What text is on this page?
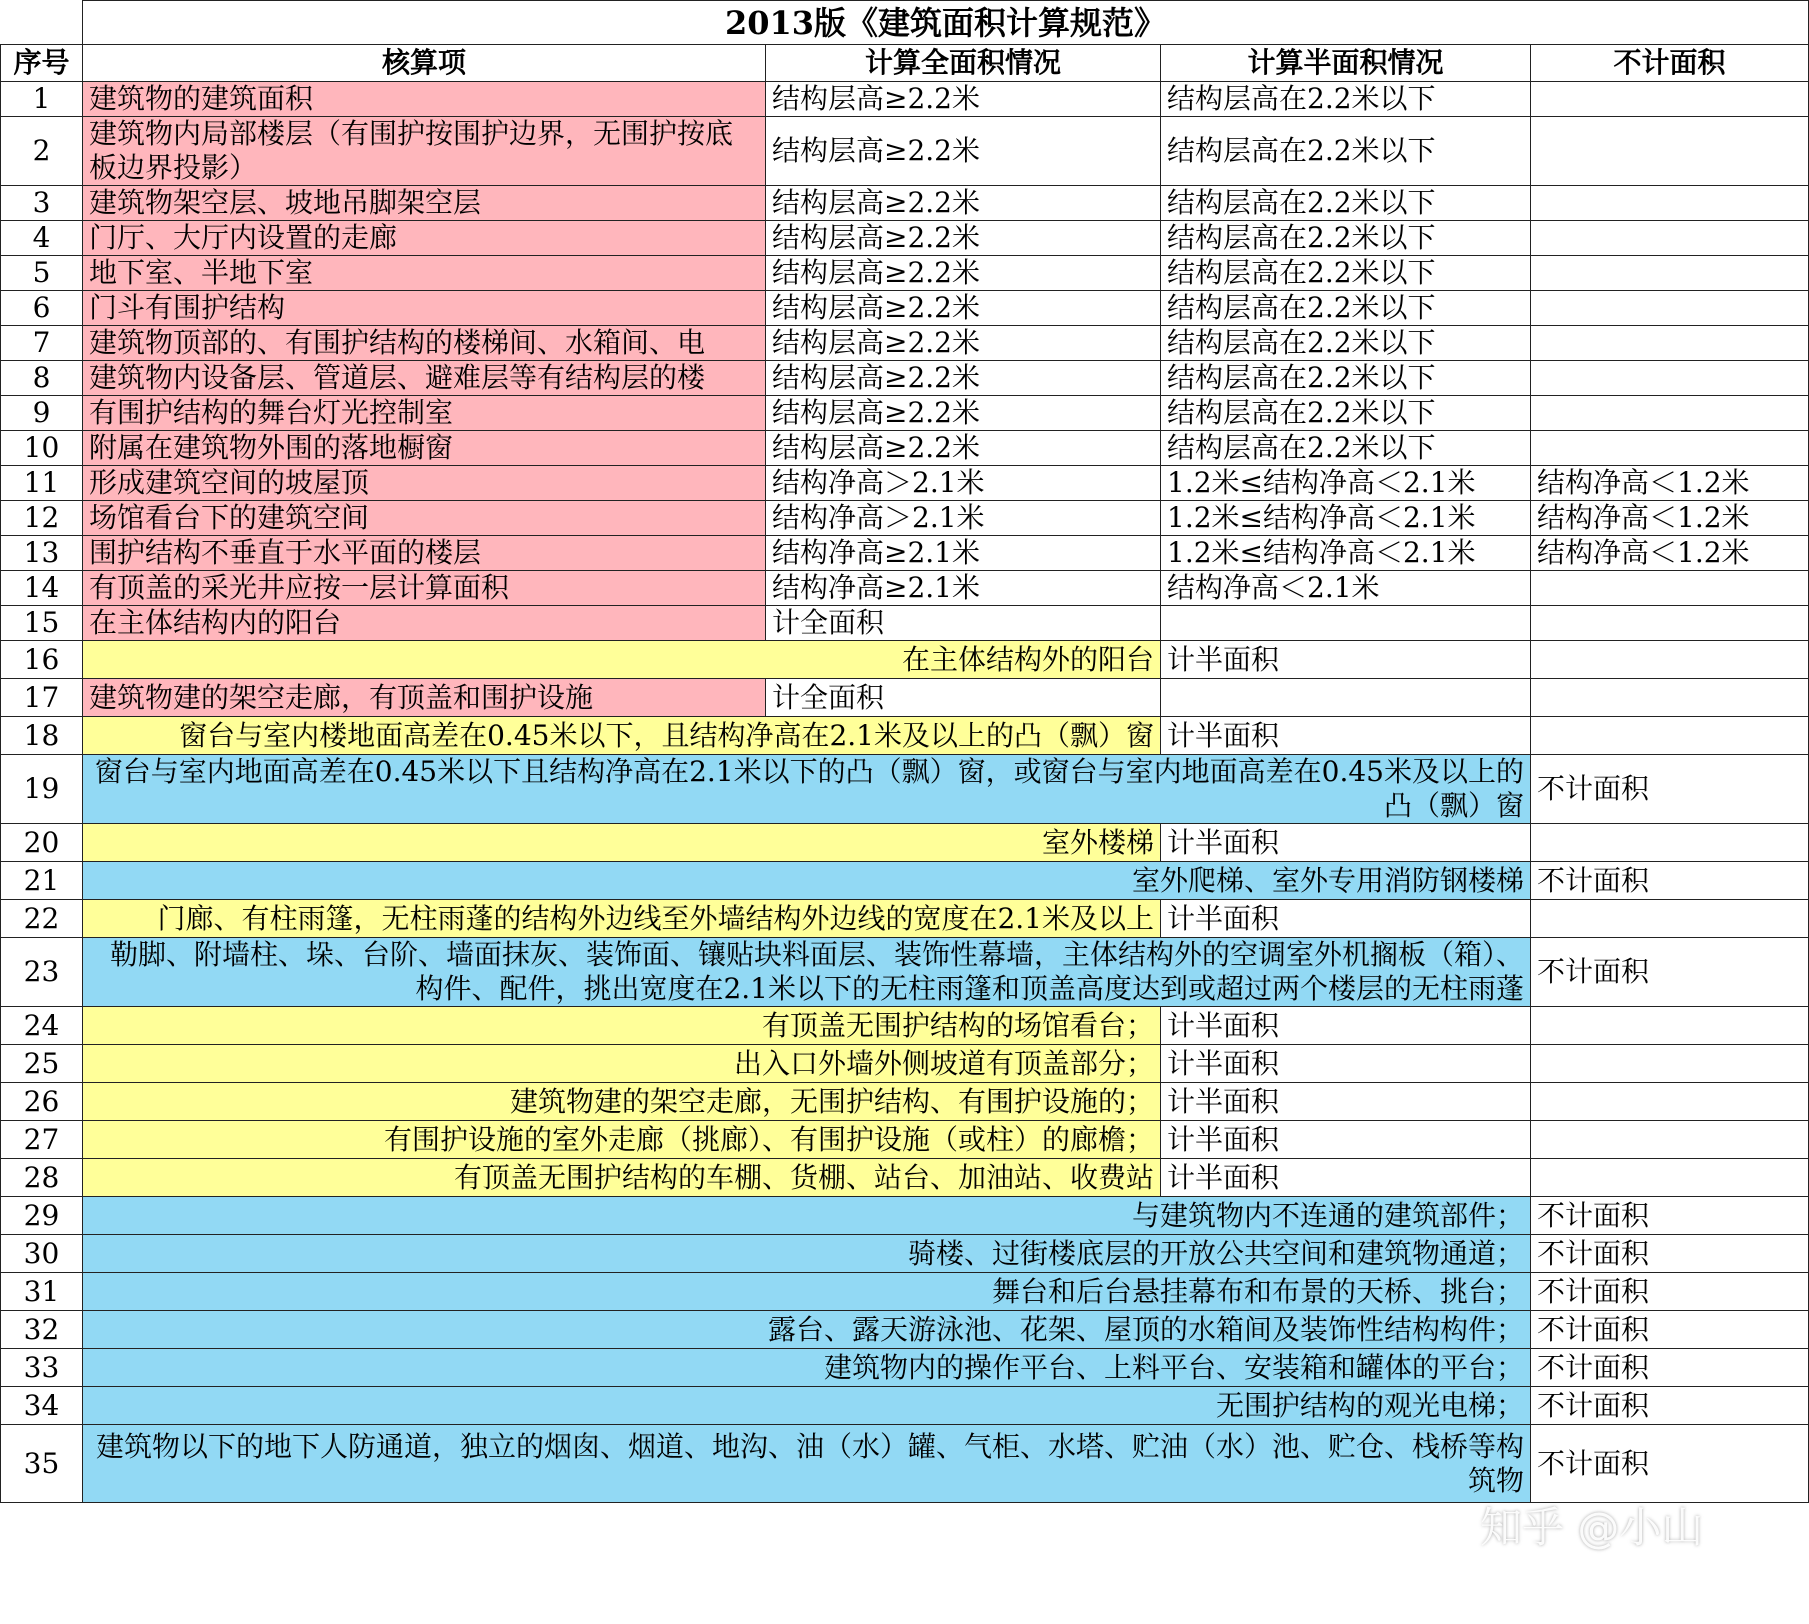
	2013版《建筑面积计算规范》			
序号	核算项	计算全面积情况	计算半面积情况	不计面积
1	建筑物的建筑面积	结构层高≥2.2米	结构层高在2.2米以下	
2	建筑物内局部楼层（有围护按围护边界，无围护按底板边界投影）	结构层高≥2.2米	结构层高在2.2米以下	
3	建筑物架空层、坡地吊脚架空层	结构层高≥2.2米	结构层高在2.2米以下	
4	门厅、大厅内设置的走廊	结构层高≥2.2米	结构层高在2.2米以下	
5	地下室、半地下室	结构层高≥2.2米	结构层高在2.2米以下	
6	门斗有围护结构	结构层高≥2.2米	结构层高在2.2米以下	
7	建筑物顶部的、有围护结构的楼梯间、水箱间、电	结构层高≥2.2米	结构层高在2.2米以下	
8	建筑物内设备层、管道层、避难层等有结构层的楼	结构层高≥2.2米	结构层高在2.2米以下	
9	有围护结构的舞台灯光控制室	结构层高≥2.2米	结构层高在2.2米以下	
10	附属在建筑物外围的落地橱窗	结构层高≥2.2米	结构层高在2.2米以下	
11	形成建筑空间的坡屋顶	结构净高＞2.1米	1.2米≤结构净高＜2.1米	结构净高＜1.2米
12	场馆看台下的建筑空间	结构净高＞2.1米	1.2米≤结构净高＜2.1米	结构净高＜1.2米
13	围护结构不垂直于水平面的楼层	结构净高≥2.1米	1.2米≤结构净高＜2.1米	结构净高＜1.2米
14	有顶盖的采光井应按一层计算面积	结构净高≥2.1米	结构净高＜2.1米	
15	在主体结构内的阳台	计全面积		
16	在主体结构外的阳台		计半面积	
17	建筑物建的架空走廊，有顶盖和围护设施	计全面积		
18	窗台与室内楼地面高差在0.45米以下，且结构净高在2.1米及以上的凸（飘）窗		计半面积	
19	窗台与室内地面高差在0.45米以下且结构净高在2.1米以下的凸（飘）窗，或窗台与室内地面高差在0.45米及以上的凸（飘）窗			不计面积
20	室外楼梯		计半面积	
21	室外爬梯、室外专用消防钢楼梯			不计面积
22	门廊、有柱雨篷，无柱雨蓬的结构外边线至外墙结构外边线的宽度在2.1米及以上		计半面积	
23	勒脚、附墙柱、垛、台阶、墙面抹灰、装饰面、镶贴块料面层、装饰性幕墙，主体结构外的空调室外机搁板（箱）、构件、配件，挑出宽度在2.1米以下的无柱雨篷和顶盖高度达到或超过两个楼层的无柱雨蓬			不计面积
24	有顶盖无围护结构的场馆看台；		计半面积	
25	出入口外墙外侧坡道有顶盖部分；		计半面积	
26	建筑物建的架空走廊，无围护结构、有围护设施的；		计半面积	
27	有围护设施的室外走廊（挑廊）、有围护设施（或柱）的廊檐；		计半面积	
28	有顶盖无围护结构的车棚、货棚、站台、加油站、收费站		计半面积	
29	与建筑物内不连通的建筑部件；			不计面积
30	骑楼、过街楼底层的开放公共空间和建筑物通道；			不计面积
31	舞台和后台悬挂幕布和布景的天桥、挑台；			不计面积
32	露台、露天游泳池、花架、屋顶的水箱间及装饰性结构构件；			不计面积
33	建筑物内的操作平台、上料平台、安装箱和罐体的平台；			不计面积
34	无围护结构的观光电梯；			不计面积
35	建筑物以下的地下人防通道，独立的烟囱、烟道、地沟、油（水）罐、气柜、水塔、贮油（水）池、贮仓、栈桥等构筑物			不计面积
知乎 @小山
